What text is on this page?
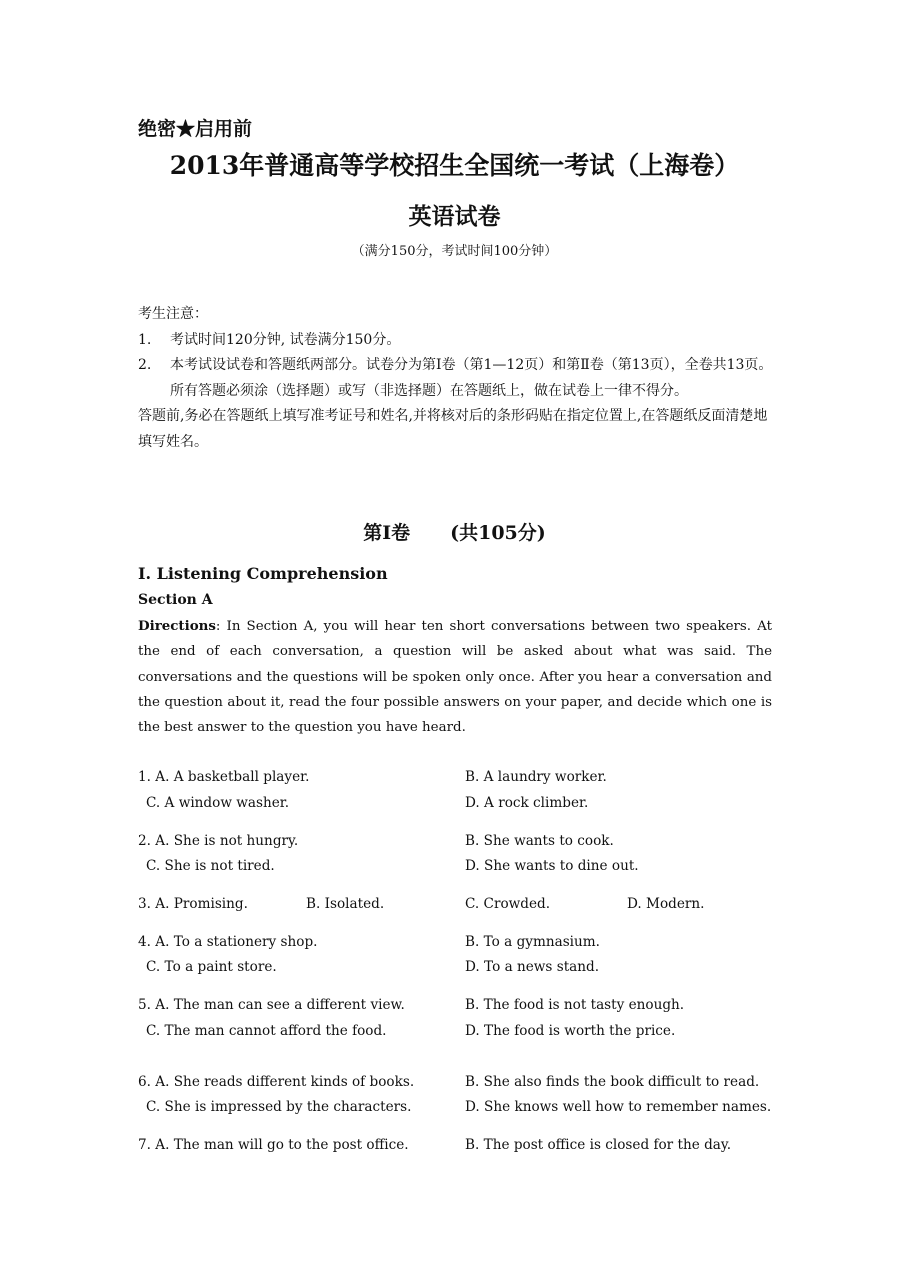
绝密★启用前
2013年普通高等学校招生全国统一考试（上海卷）
英语试卷
（满分150分，考试时间100分钟）
考生注意：
1.	考试时间120分钟, 试卷满分150分。
2.	本考试设试卷和答题纸两部分。试卷分为第Ⅰ卷（第1—12页）和第Ⅱ卷（第13页），全卷共13页。所有答题必须涂（选择题）或写（非选择题）在答题纸上，做在试卷上一律不得分。
答题前,务必在答题纸上填写准考证号和姓名,并将核对后的条形码贴在指定位置上,在答题纸反面清楚地填写姓名。
第I卷 (共105分)
I. Listening Comprehension
Section A
Directions: In Section A, you will hear ten short conversations between two speakers. At the end of each conversation, a question will be asked about what was said. The conversations and the questions will be spoken only once. After you hear a conversation and the question about it, read the four possible answers on your paper, and decide which one is the best answer to the question you have heard.
1. A. A basketball player.	B. A laundry worker.
C. A window washer.	D. A rock climber.
2. A. She is not hungry.	B. She wants to cook.
C. She is not tired.	D. She wants to dine out.
3. A. Promising.	B. Isolated.	C. Crowded.	D. Modern.
4. A. To a stationery shop.	B. To a gymnasium.
C. To a paint store.	D. To a news stand.
5. A. The man can see a different view.	B. The food is not tasty enough.
C. The man cannot afford the food.	D. The food is worth the price.
6. A. She reads different kinds of books.	B. She also finds the book difficult to read.
C. She is impressed by the characters.	D. She knows well how to remember names.
7. A. The man will go to the post office.	B. The post office is closed for the day.
